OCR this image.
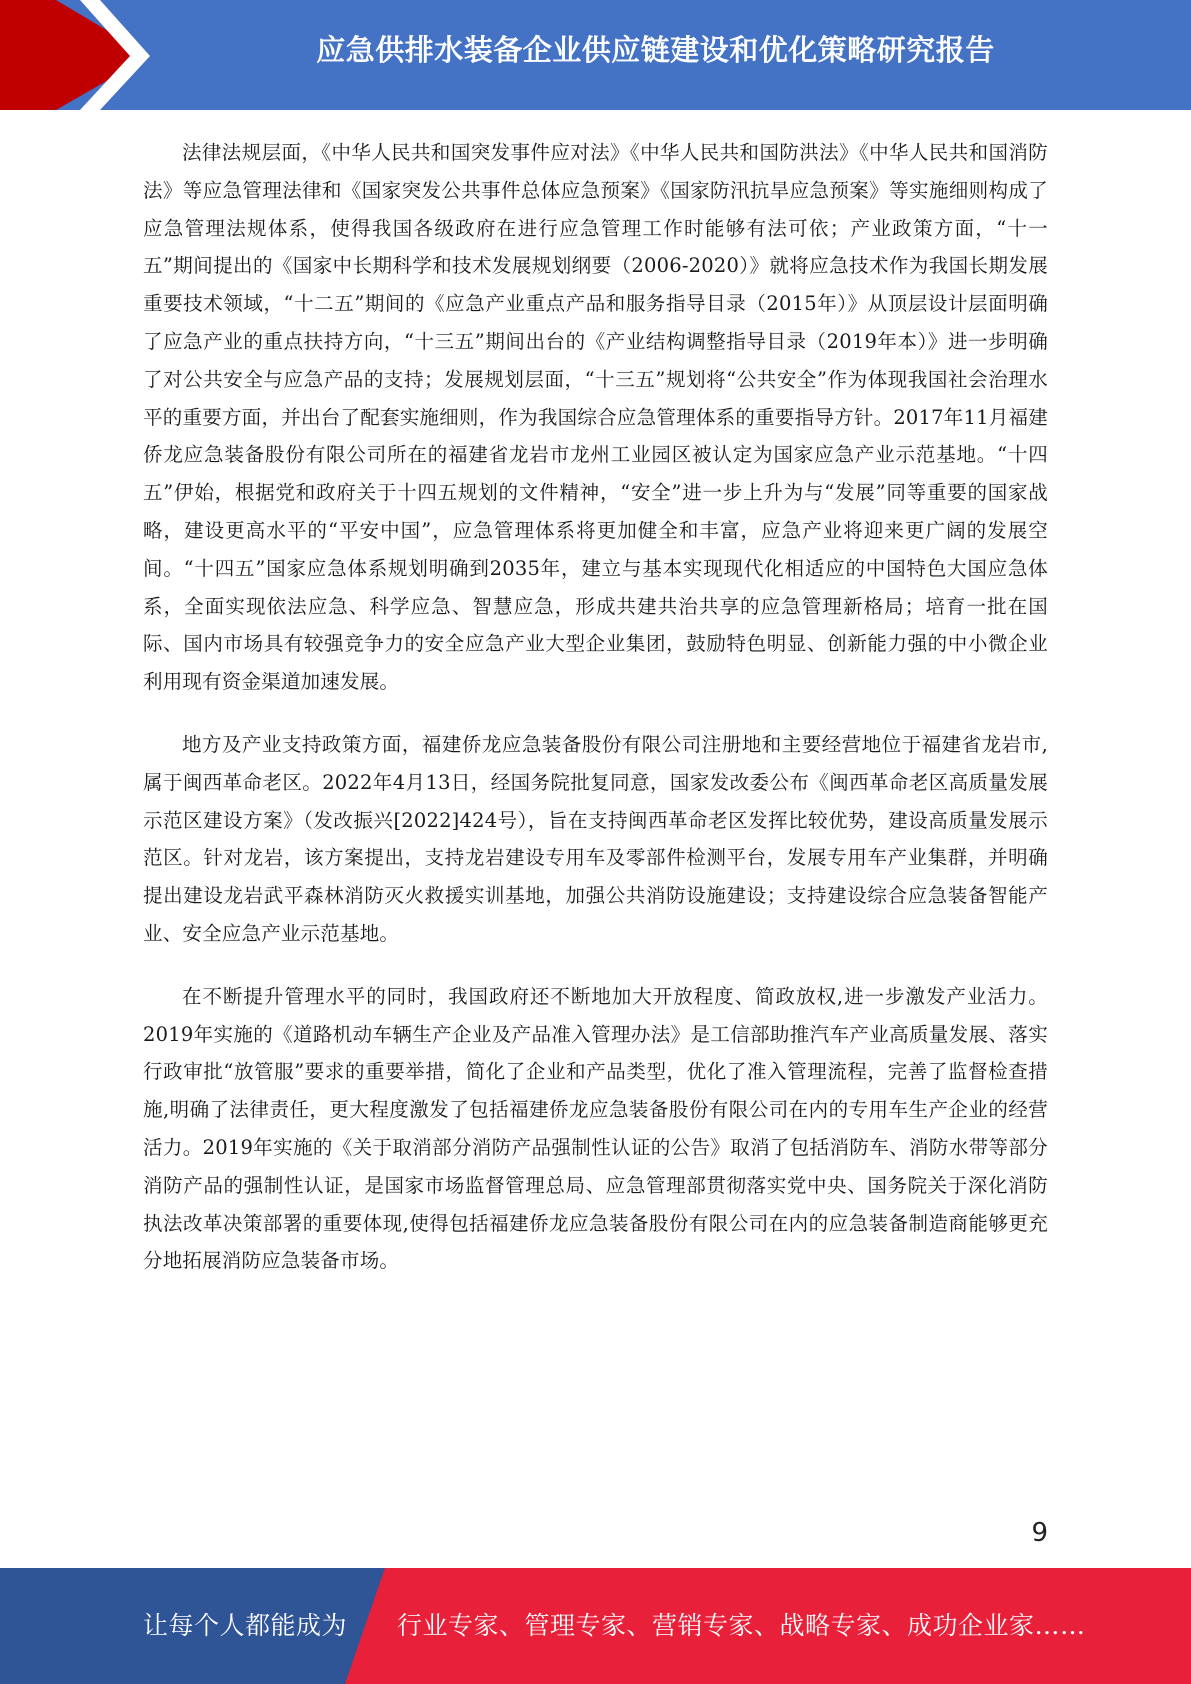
应急供排水装备企业供应链建设和优化策略研究报告

法律法规层面，《中华人民共和国突发事件应对法》《中华人民共和国防洪法》《中华人民共和国消防法》等应急管理法律和《国家突发公共事件总体应急预案》《国家防汛抗旱应急预案》等实施细则构成了应急管理法规体系，使得我国各级政府在进行应急管理工作时能够有法可依；产业政策方面，“十一五”期间提出的《国家中长期科学和技术发展规划纲要（2006-2020）》就将应急技术作为我国长期发展重要技术领域，“十二五”期间的《应急产业重点产品和服务指导目录（2015年）》从顶层设计层面明确了应急产业的重点扶持方向，“十三五”期间出台的《产业结构调整指导目录（2019年本）》进一步明确了对公共安全与应急产品的支持；发展规划层面，“十三五”规划将“公共安全”作为体现我国社会治理水平的重要方面，并出台了配套实施细则，作为我国综合应急管理体系的重要指导方针。2017年11月福建侨龙应急装备股份有限公司所在的福建省龙岩市龙州工业园区被认定为国家应急产业示范基地。“十四五”伊始，根据党和政府关于十四五规划的文件精神，“安全”进一步上升为与“发展”同等重要的国家战略，建设更高水平的“平安中国”，应急管理体系将更加健全和丰富，应急产业将迎来更广阔的发展空间。“十四五”国家应急体系规划明确到2035年，建立与基本实现现代化相适应的中国特色大国应急体系，全面实现依法应急、科学应急、智慧应急，形成共建共治共享的应急管理新格局；培育一批在国际、国内市场具有较强竞争力的安全应急产业大型企业集团，鼓励特色明显、创新能力强的中小微企业利用现有资金渠道加速发展。

地方及产业支持政策方面，福建侨龙应急装备股份有限公司注册地和主要经营地位于福建省龙岩市,属于闽西革命老区。2022年4月13日，经国务院批复同意，国家发改委公布《闽西革命老区高质量发展示范区建设方案》（发改振兴[2022]424号），旨在支持闽西革命老区发挥比较优势，建设高质量发展示范区。针对龙岩，该方案提出，支持龙岩建设专用车及零部件检测平台，发展专用车产业集群，并明确提出建设龙岩武平森林消防灭火救援实训基地，加强公共消防设施建设；支持建设综合应急装备智能产业、安全应急产业示范基地。

在不断提升管理水平的同时，我国政府还不断地加大开放程度、简政放权,进一步激发产业活力。2019年实施的《道路机动车辆生产企业及产品准入管理办法》是工信部助推汽车产业高质量发展、落实行政审批“放管服”要求的重要举措，简化了企业和产品类型，优化了准入管理流程，完善了监督检查措施,明确了法律责任，更大程度激发了包括福建侨龙应急装备股份有限公司在内的专用车生产企业的经营活力。2019年实施的《关于取消部分消防产品强制性认证的公告》取消了包括消防车、消防水带等部分消防产品的强制性认证，是国家市场监督管理总局、应急管理部贯彻落实党中央、国务院关于深化消防执法改革决策部署的重要体现,使得包括福建侨龙应急装备股份有限公司在内的应急装备制造商能够更充分地拓展消防应急装备市场。

9
让每个人都能成为 行业专家、管理专家、营销专家、战略专家、成功企业家……
